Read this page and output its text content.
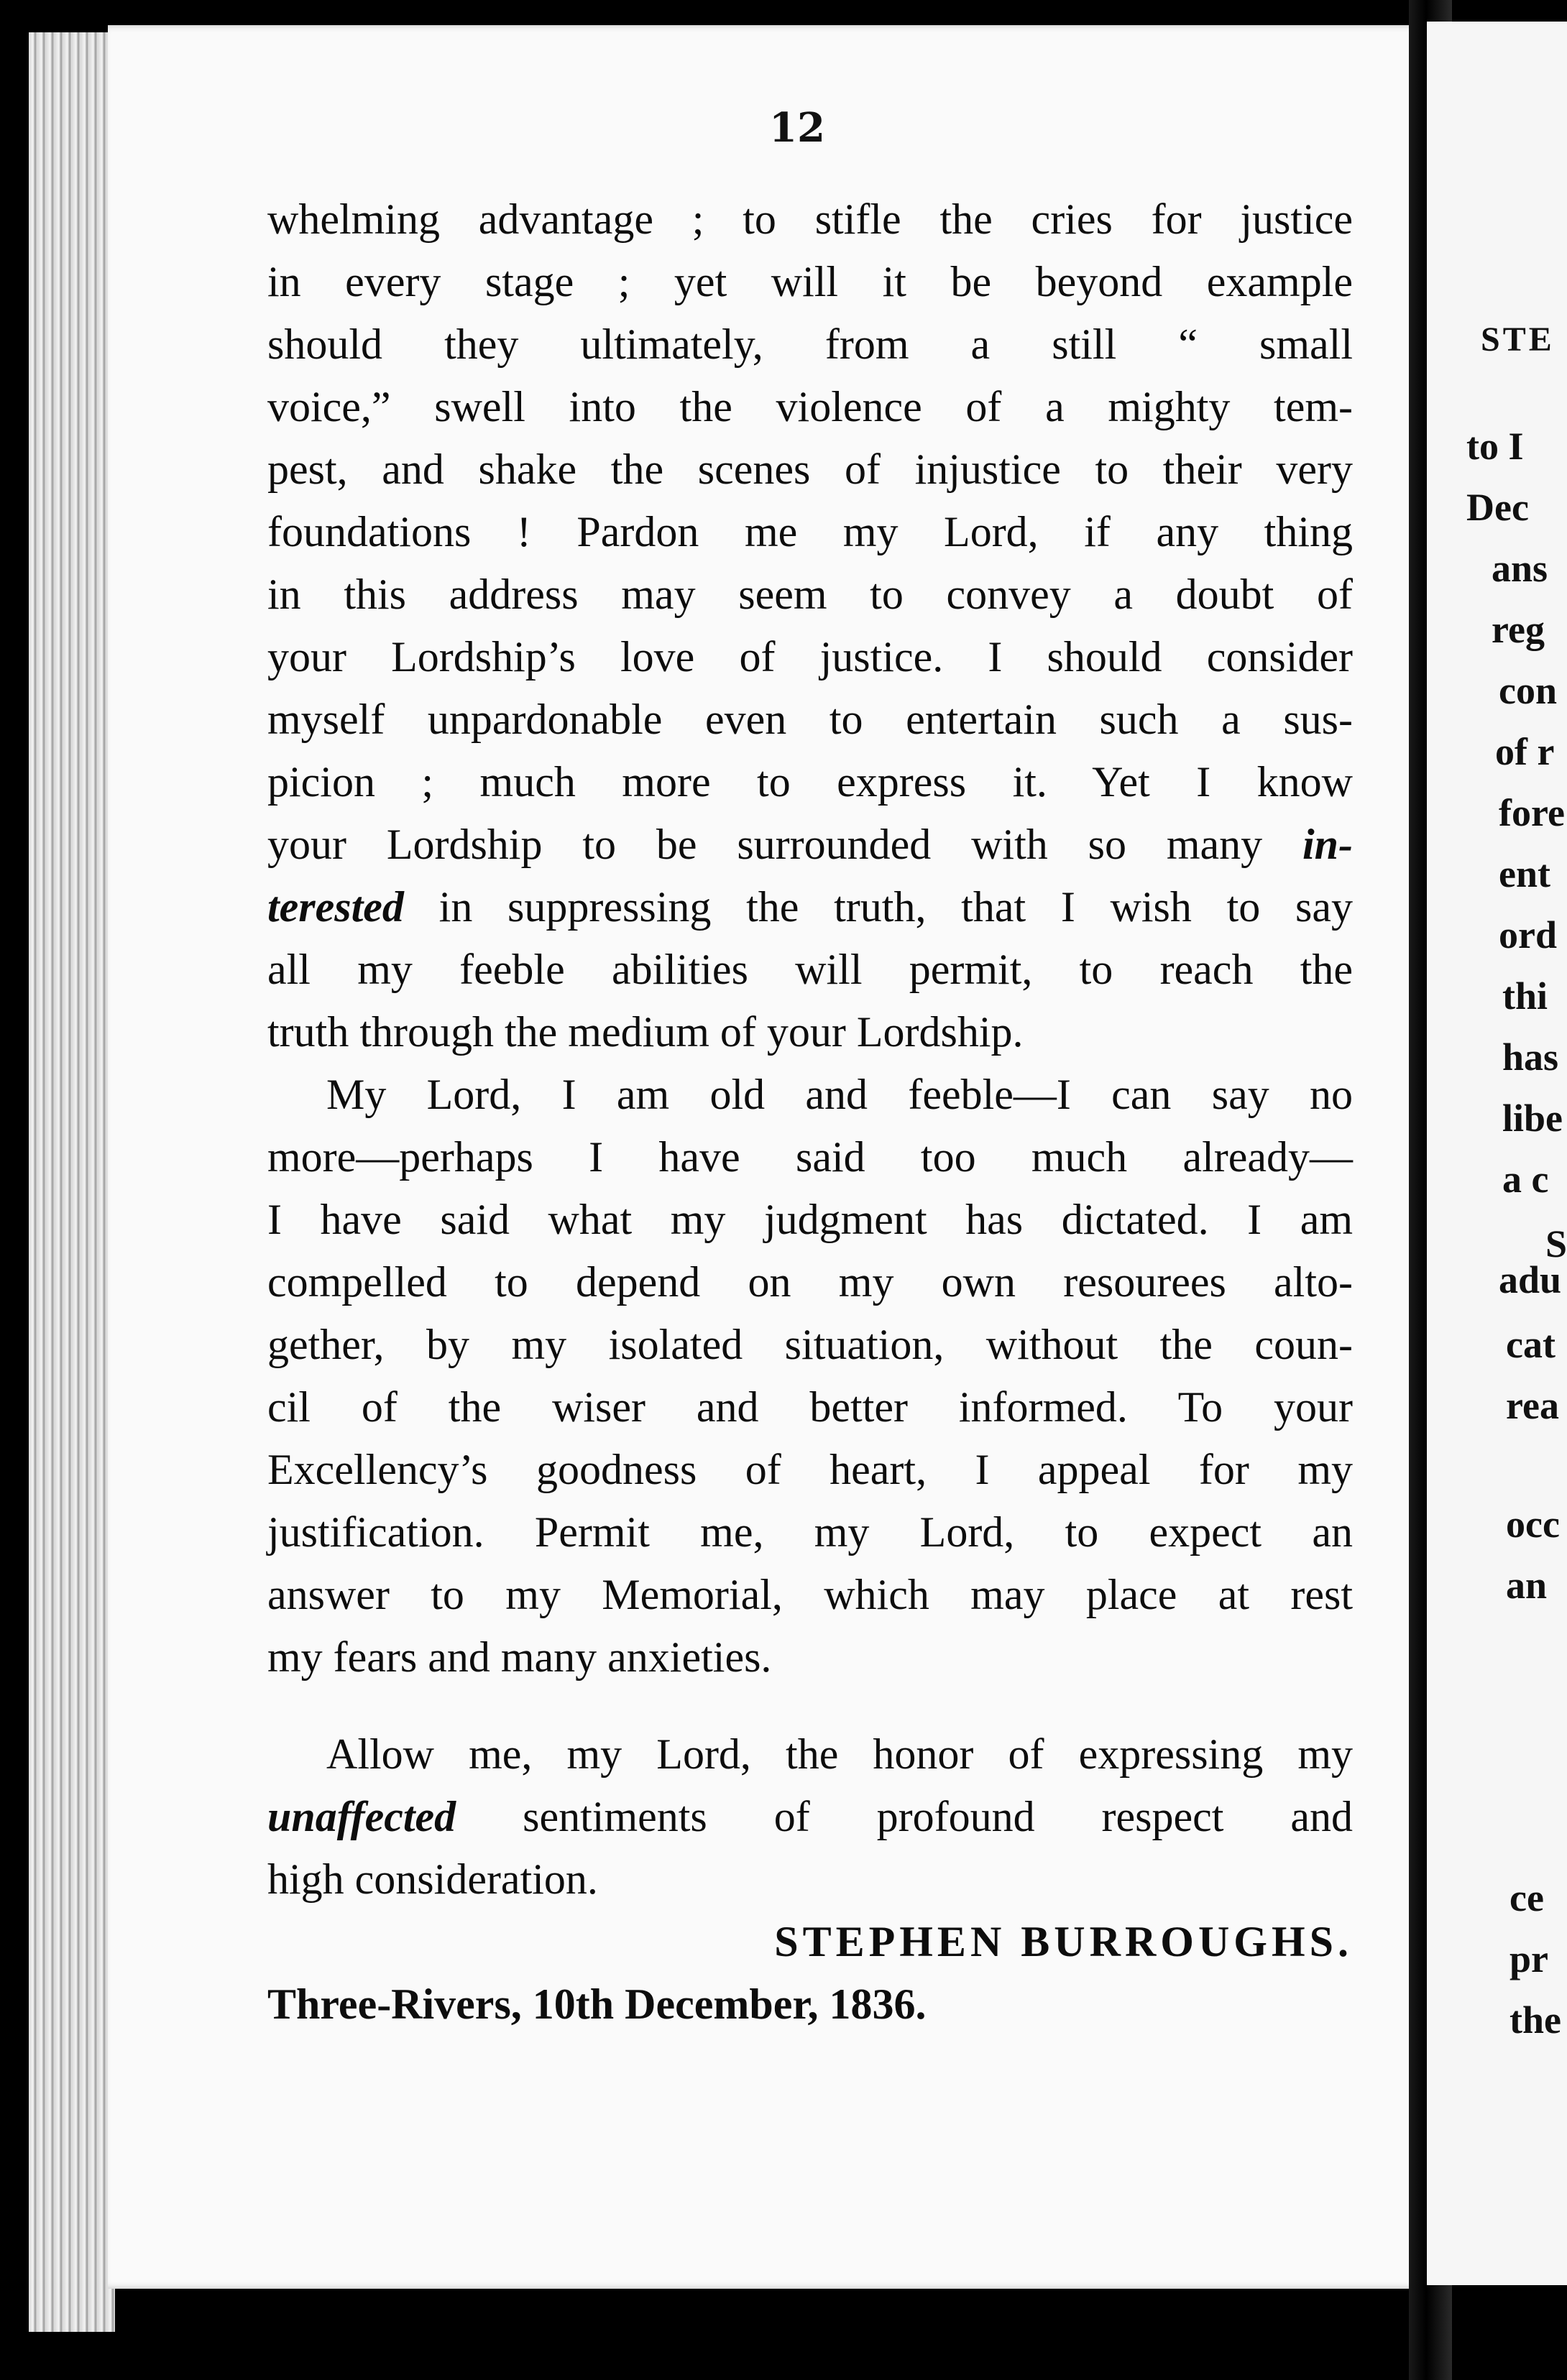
12
whelming advantage ; to stifle the cries for justice
in every stage ; yet will it be beyond example
should they ultimately, from a still “ small
voice,” swell into the violence of a mighty tem-
pest, and shake the scenes of injustice to their very
foundations ! Pardon me my Lord, if any thing
in this address may seem to convey a doubt of
your Lordship’s love of justice. I should consider
myself unpardonable even to entertain such a sus-
picion ; much more to express it. Yet I know
your Lordship to be surrounded with so many in-
terested in suppressing the truth, that I wish to say
all my feeble abilities will permit, to reach the
truth through the medium of your Lordship.
My Lord, I am old and feeble—I can say no
more—perhaps I have said too much already—
I have said what my judgment has dictated. I am
compelled to depend on my own resourees alto-
gether, by my isolated situation, without the coun-
cil of the wiser and better informed. To your
Excellency’s goodness of heart, I appeal for my
justification. Permit me, my Lord, to expect an
answer to my Memorial, which may place at rest
my fears and many anxieties.
Allow me, my Lord, the honor of expressing my
unaffected sentiments of profound respect and
high consideration.
STEPHEN BURROUGHS.
Three-Rivers, 10th December, 1836.
STE
to I
Dec
ans
reg
con
of r
fore
ent
ord
thi
has
libe
a c
S
adu
cat
rea
occ
an
ce
pr
the
